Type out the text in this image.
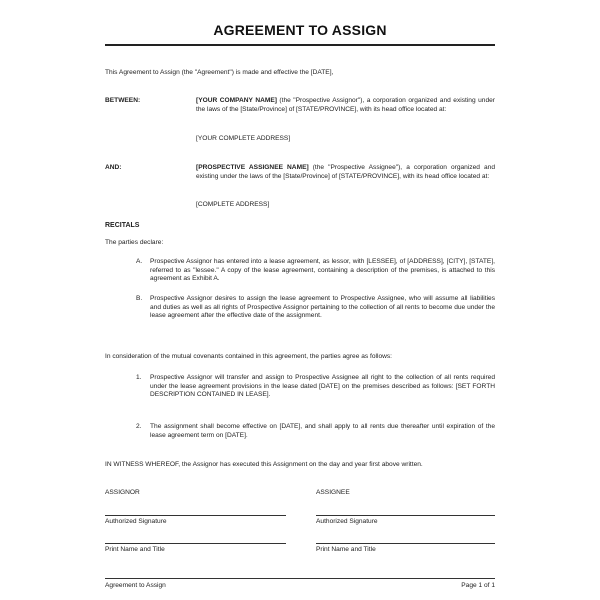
AGREEMENT TO ASSIGN
This Agreement to Assign (the "Agreement") is made and effective the [DATE],
BETWEEN:	[YOUR COMPANY NAME] (the "Prospective Assignor"), a corporation organized and existing under the laws of the [State/Province] of [STATE/PROVINCE], with its head office located at:
[YOUR COMPLETE ADDRESS]
AND:	[PROSPECTIVE ASSIGNEE NAME] (the "Prospective Assignee"), a corporation organized and existing under the laws of the [State/Province] of [STATE/PROVINCE], with its head office located at:
[COMPLETE ADDRESS]
RECITALS
The parties declare:
A. Prospective Assignor has entered into a lease agreement, as lessor, with [LESSEE], of [ADDRESS], [CITY], [STATE], referred to as "lessee." A copy of the lease agreement, containing a description of the premises, is attached to this agreement as Exhibit A.
B. Prospective Assignor desires to assign the lease agreement to Prospective Assignee, who will assume all liabilities and duties as well as all rights of Prospective Assignor pertaining to the collection of all rents to become due under the lease agreement after the effective date of the assignment.
In consideration of the mutual covenants contained in this agreement, the parties agree as follows:
1. Prospective Assignor will transfer and assign to Prospective Assignee all right to the collection of all rents required under the lease agreement provisions in the lease dated [DATE] on the premises described as follows: [SET FORTH DESCRIPTION CONTAINED IN LEASE].
2. The assignment shall become effective on [DATE], and shall apply to all rents due thereafter until expiration of the lease agreement term on [DATE].
IN WITNESS WHEREOF, the Assignor has executed this Assignment on the day and year first above written.
ASSIGNOR	ASSIGNEE
Authorized Signature	Authorized Signature
Print Name and Title	Print Name and Title
Agreement to Assign	Page 1 of 1
